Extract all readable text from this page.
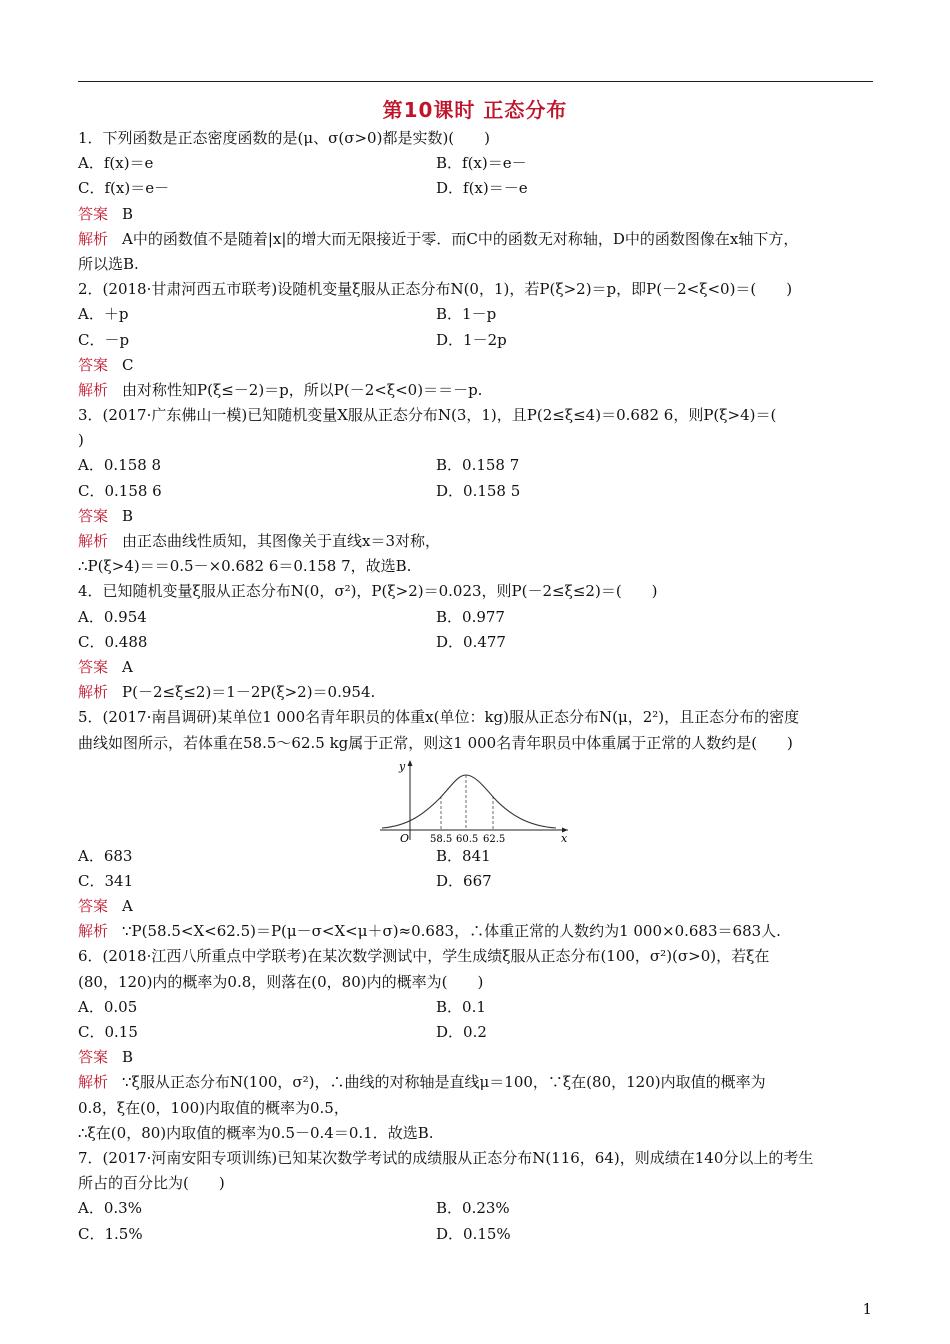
第10课时 正态分布
1．下列函数是正态密度函数的是(μ、σ(σ>0)都是实数)(　　)
A．f(x)＝e	B．f(x)＝e－
C．f(x)＝e－	D．f(x)＝－e
答案 B
解析 A中的函数值不是随着|x|的增大而无限接近于零．而C中的函数无对称轴，D中的函数图像在x轴下方，
所以选B.
2．(2018·甘肃河西五市联考)设随机变量ξ服从正态分布N(0，1)，若P(ξ>2)＝p，即P(－2<ξ<0)＝(　　)
A．＋p	B．1－p
C．－p	D．1－2p
答案 C
解析 由对称性知P(ξ≤－2)＝p，所以P(－2<ξ<0)＝＝－p.
3．(2017·广东佛山一模)已知随机变量X服从正态分布N(3，1)，且P(2≤ξ≤4)＝0.682 6，则P(ξ>4)＝(
)
A．0.158 8	B．0.158 7
C．0.158 6	D．0.158 5
答案 B
解析 由正态曲线性质知，其图像关于直线x＝3对称，
∴P(ξ>4)＝＝0.5－×0.682 6＝0.158 7，故选B.
4．已知随机变量ξ服从正态分布N(0，σ²)，P(ξ>2)＝0.023，则P(－2≤ξ≤2)＝(　　)
A．0.954	B．0.977
C．0.488	D．0.477
答案 A
解析 P(－2≤ξ≤2)＝1－2P(ξ>2)＝0.954.
5．(2017·南昌调研)某单位1 000名青年职员的体重x(单位：kg)服从正态分布N(μ，2²)，且正态分布的密度
曲线如图所示，若体重在58.5～62.5 kg属于正常，则这1 000名青年职员中体重属于正常的人数约是(　　)
y
x
O 58.5 60.5 62.5
A．683	B．841
C．341	D．667
答案 A
解析 ∵P(58.5<X<62.5)＝P(μ－σ<X<μ＋σ)≈0.683，∴体重正常的人数约为1 000×0.683＝683人.
6．(2018·江西八所重点中学联考)在某次数学测试中，学生成绩ξ服从正态分布(100，σ²)(σ>0)，若ξ在
(80，120)内的概率为0.8，则落在(0，80)内的概率为(　　)
A．0.05	B．0.1
C．0.15	D．0.2
答案 B
解析 ∵ξ服从正态分布N(100，σ²)，∴曲线的对称轴是直线μ＝100，∵ξ在(80，120)内取值的概率为
0.8，ξ在(0，100)内取值的概率为0.5，
∴ξ在(0，80)内取值的概率为0.5－0.4＝0.1．故选B.
7．(2017·河南安阳专项训练)已知某次数学考试的成绩服从正态分布N(116，64)，则成绩在140分以上的考生
所占的百分比为(　　)
A．0.3%	B．0.23%
C．1.5%	D．0.15%
1
